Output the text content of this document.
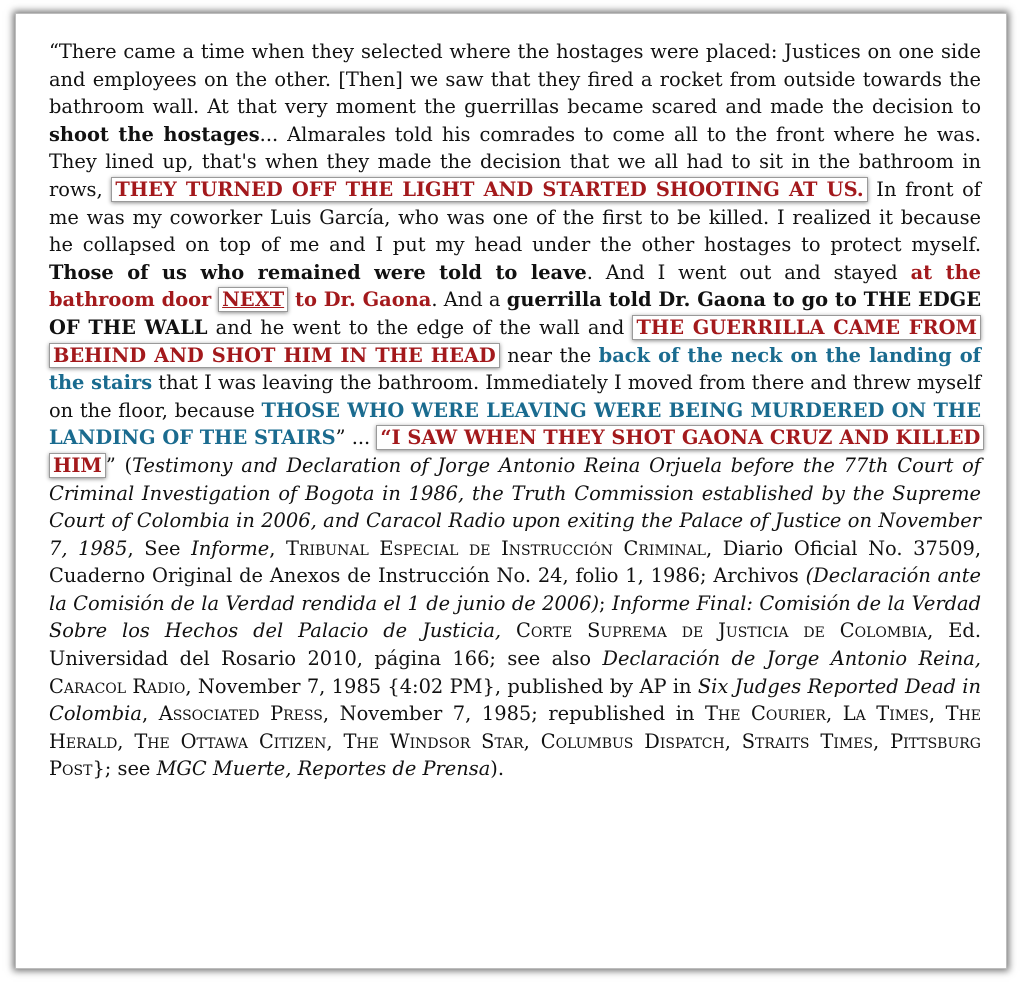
“There came a time when they selected where the hostages were placed: Justices on one side and employees on the other. [Then] we saw that they fired a rocket from outside towards the bathroom wall. At that very moment the guerrillas became scared and made the decision to shoot the hostages... Almarales told his comrades to come all to the front where he was. They lined up, that's when they made the decision that we all had to sit in the bathroom in rows, THEY TURNED OFF THE LIGHT AND STARTED SHOOTING AT US. In front of me was my coworker Luis García, who was one of the first to be killed. I realized it because he collapsed on top of me and I put my head under the other hostages to protect myself. Those of us who remained were told to leave. And I went out and stayed at the bathroom door NEXT to Dr. Gaona. And a guerrilla told Dr. Gaona to go to THE EDGE OF THE WALL and he went to the edge of the wall and THE GUERRILLA CAME FROM BEHIND AND SHOT HIM IN THE HEAD near the back of the neck on the landing of the stairs that I was leaving the bathroom. Immediately I moved from there and threw myself on the floor, because THOSE WHO WERE LEAVING WERE BEING MURDERED ON THE LANDING OF THE STAIRS” ... “I SAW WHEN THEY SHOT GAONA CRUZ AND KILLED HIM ” (Testimony and Declaration of Jorge Antonio Reina Orjuela before the 77th Court of Criminal Investigation of Bogota in 1986, the Truth Commission established by the Supreme Court of Colombia in 2006, and Caracol Radio upon exiting the Palace of Justice on November 7, 1985, See Informe, Tribunal Especial de Instrucción Criminal, Diario Oficial No. 37509, Cuaderno Original de Anexos de Instrucción No. 24, folio 1, 1986; Archivos (Declaración ante la Comisión de la Verdad rendida el 1 de junio de 2006); Informe Final: Comisión de la Verdad Sobre los Hechos del Palacio de Justicia, Corte Suprema de Justicia de Colombia, Ed. Universidad del Rosario 2010, página 166; see also Declaración de Jorge Antonio Reina, Caracol Radio, November 7, 1985 {4:02 PM}, published by AP in Six Judges Reported Dead in Colombia, Associated Press, November 7, 1985; republished in The Courier, La Times, The Herald, The Ottawa Citizen, The Windsor Star, Columbus Dispatch, Straits Times, Pittsburg Post}; see MGC Muerte, Reportes de Prensa).
